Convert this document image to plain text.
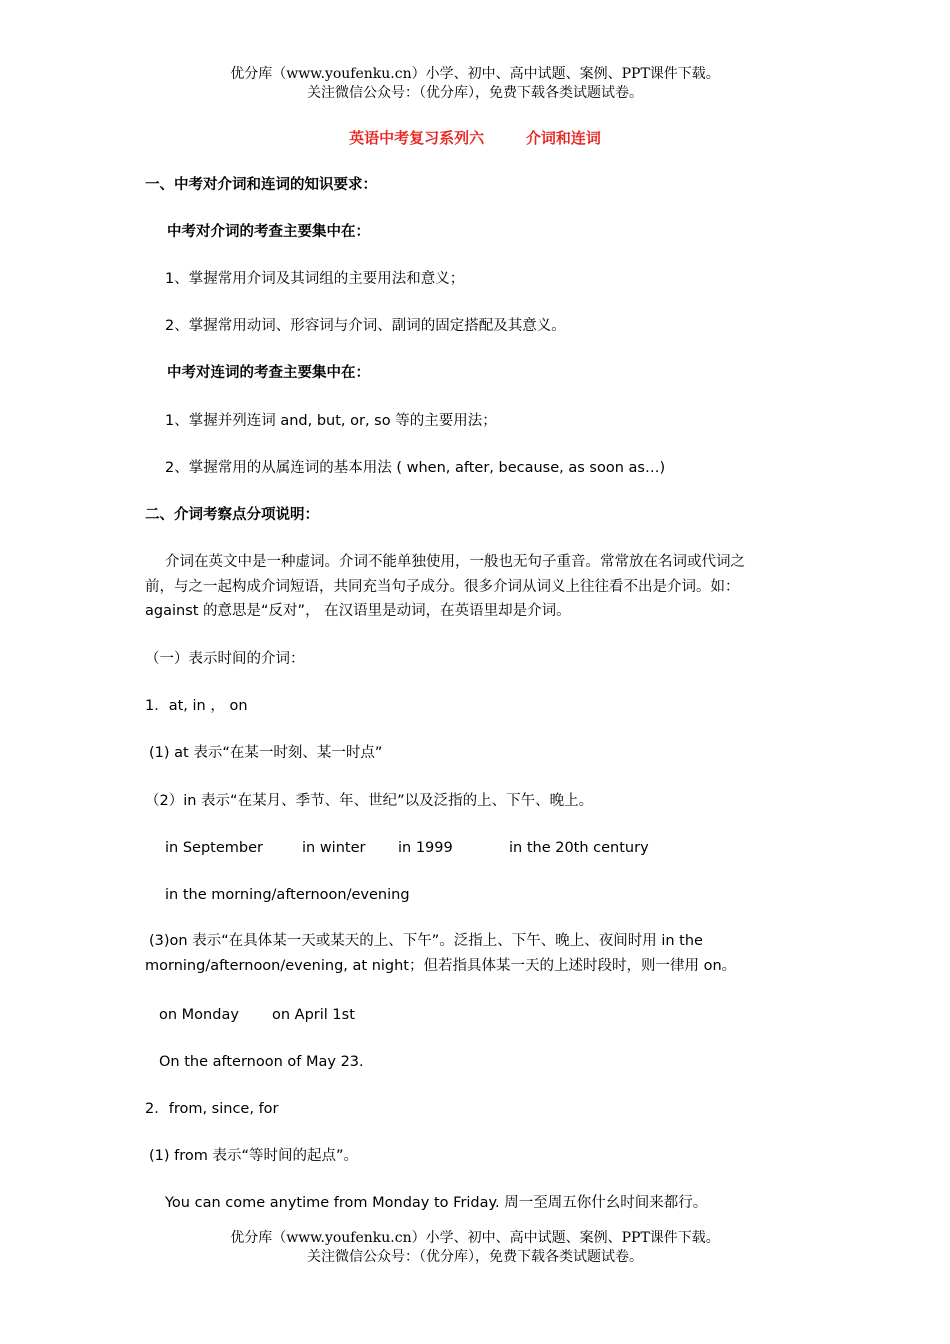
优分库（www.youfenku.cn）小学、初中、高中试题、案例、PPT课件下载。
关注微信公众号：（优分库），免费下载各类试题试卷。
英语中考复习系列六        介词和连词
一、中考对介词和连词的知识要求：
中考对介词的考查主要集中在：
1、掌握常用介词及其词组的主要用法和意义；
2、掌握常用动词、形容词与介词、副词的固定搭配及其意义。
中考对连词的考查主要集中在：
1、掌握并列连词 and, but, or, so 等的主要用法；
2、掌握常用的从属连词的基本用法 ( when, after, because, as soon as…)
二、介词考察点分项说明：

介词在英文中是一种虚词。介词不能单独使用，一般也无句子重音。常常放在名词或代词之

前，与之一起构成介词短语，共同充当句子成分。很多介词从词义上往往看不出是介词。如：

against 的意思是“反对”， 在汉语里是动词，在英语里却是介词。

（一）表示时间的介词：
1．at, in ， on
(1) at 表示“在某一时刻、某一时点”
（2）in 表示“在某月、季节、年、世纪”以及泛指的上、下午、晚上。
in September	in winter in 1999	in the 20th century
in the morning/afternoon/evening

(3)on 表示“在具体某一天或某天的上、下午”。泛指上、下午、晚上、夜间时用 in the

morning/afternoon/evening, at night；但若指具体某一天的上述时段时，则一律用 on。

on Monday on April 1st
On the afternoon of May 23.
2．from, since, for
(1) from 表示“等时间的起点”。
You can come anytime from Monday to Friday. 周一至周五你什幺时间来都行。
优分库（www.youfenku.cn）小学、初中、高中试题、案例、PPT课件下载。
关注微信公众号：（优分库），免费下载各类试题试卷。
